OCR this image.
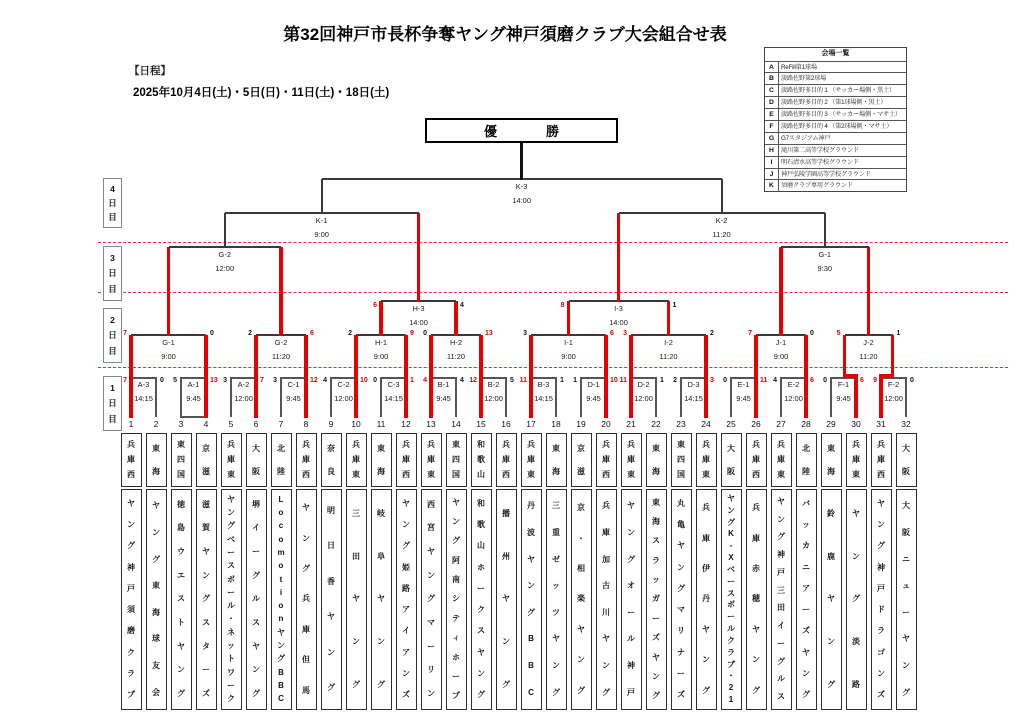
第32回神戸市長杯争奪ヤング神戸須磨クラブ大会組合せ表
【日程】
2025年10月4日(土)・5日(日)・11日(土)・18日(土)
会場一覧
A	ReFill第1球場
B	淡路佐野第2球場
C	淡路佐野多目的 1 （サッカー場側・黒土）
D	淡路佐野多目的 2 （第1球場側・黒土）
E	淡路佐野多目的 3 （サッカー場側・マサ土）
F	淡路佐野多目的 4 （第2球場側・マサ土）
G	G7スタジアム神戸
H	滝川第二高等学校グラウンド
I	明石清水高等学校グラウンド
J	神戸弘陵学園高等学校グラウンド
K	須磨クラブ専用グラウンド
優　勝
4
日
目
3
日
目
2
日
目
1
日
目
A-3
14:15
7	0	A-1
9:45
5	13	A-2
12:00
3	7	C-1
9:45
3	12	C-2
12:00
4	10	C-3
14:15
0	1	B-1
9:45
4	4	B-2
12:00
12	5	B-3
14:15
11	1	D-1
9:45
1	10	D-2
12:00
11	1	D-3
14:15
2	3	E-1
9:45
0	11	E-2
12:00
4	6	F-1
9:45
0	6	F-2
12:00
9	0
G-1
9:00
7	0
G-2
11:20
2	6
H-1
9:00
2	9
H-2
11:20
0	13
I-1
9:00
3	6
I-2
11:20
3	2
J-1
9:00
7	0
J-2
11:20
5	1
H-3
14:00
6	4	I-3
14:00
8	1
G-2
12:00
G-1
9:30
K-1
9:00
K-2
11:20
K-3
14:00
1
兵
庫
西
ヤ
ン
グ
神
戸
須
磨
ク
ラ
ブ
2
東
海
ヤ
ン
グ
東
海
球
友
会
3
東
四
国
徳
島
ウ
エ
ス
ト
ヤ
ン
グ
4
京
滋
滋
賀
ヤ
ン
グ
ス
タ
ー
ズ
5
兵
庫
東
ヤ
ン
グ
ベ
ー
ス
ボ
ー
ル
・
ネ
ッ
ト
ワ
ー
ク
6
大
阪
堺
イ
ー
グ
ル
ス
ヤ
ン
グ
7
北
陸
L
o
c
o
m
o
t
i
o
n
ヤ
ン
グ
B
B
C
8
兵
庫
西
ヤ
ン
グ
兵
庫
但
馬
9
奈
良
明
日
香
ヤ
ン
グ
10
兵
庫
東
三
田
ヤ
ン
グ
11
東
海
岐
阜
ヤ
ン
グ
12
兵
庫
西
ヤ
ン
グ
姫
路
ア
イ
ア
ン
ズ
13
兵
庫
東
西
宮
ヤ
ン
グ
マ
ー
リ
ン
14
東
四
国
ヤ
ン
グ
阿
南
シ
テ
ィ
ホ
ー
プ
15
和
歌
山
和
歌
山
ホ
ー
ク
ス
ヤ
ン
グ
16
兵
庫
西
播
州
ヤ
ン
グ
17
兵
庫
東
丹
波
ヤ
ン
グ
B
B
C
18
東
海
三
重
ゼ
ッ
ツ
ヤ
ン
グ
19
京
滋
京
・
相
楽
ヤ
ン
グ
20
兵
庫
西
兵
庫
加
古
川
ヤ
ン
グ
21
兵
庫
東
ヤ
ン
グ
オ
ー
ル
神
戸
22
東
海
東
海
ス
ラ
ッ
ガ
ー
ズ
ヤ
ン
グ
23
東
四
国
丸
亀
ヤ
ン
グ
マ
リ
ナ
ー
ズ
24
兵
庫
東
兵
庫
伊
丹
ヤ
ン
グ
25
大
阪
ヤ
ン
グ
K
-
X
ベ
ー
ス
ボ
ー
ル
ク
ラ
ブ
・
2
1
26
兵
庫
西
兵
庫
赤
穂
ヤ
ン
グ
27
兵
庫
東
ヤ
ン
グ
神
戸
三
田
イ
ー
グ
ル
ス
28
北
陸
バ
ッ
カ
ニ
ア
ー
ズ
ヤ
ン
グ
29
東
海
鈴
鹿
ヤ
ン
グ
30
兵
庫
東
ヤ
ン
グ
淡
路
31
兵
庫
西
ヤ
ン
グ
神
戸
ド
ラ
ゴ
ン
ズ
32
大
阪
大
阪
ニ
ュ
ー
ヤ
ン
グ
